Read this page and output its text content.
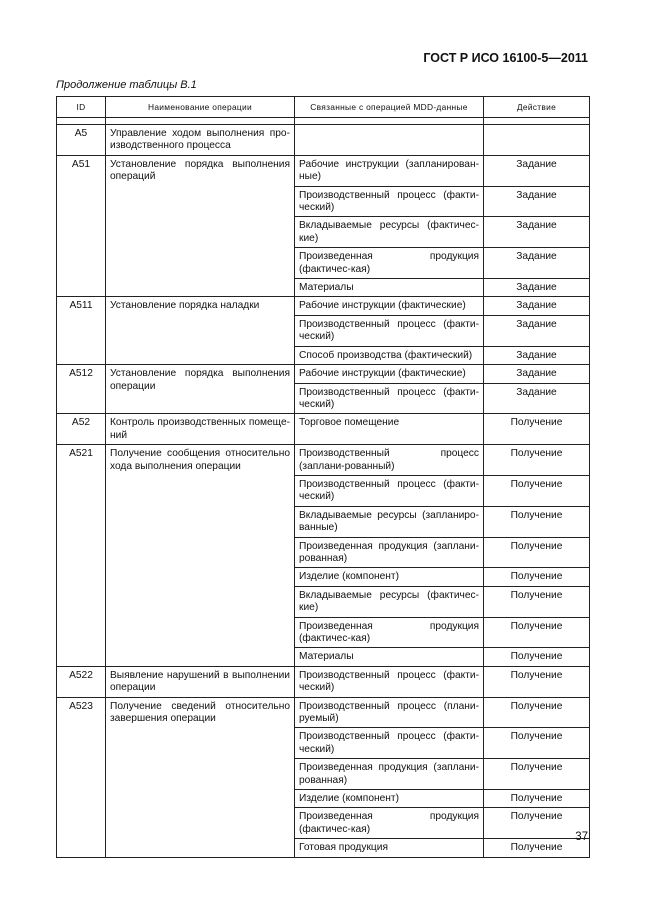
ГОСТ Р ИСО 16100-5—2011
Продолжение таблицы В.1
ID	Наименование операции	Связанные с операцией MDD-данные	Действие

A5	Управление ходом выполнения про-изводственного процесса		
A51	Установление порядка выполнения операций	Рабочие инструкции (запланирован-ные)	Задание
		Производственный процесс (факти-ческий)	Задание
		Вкладываемые ресурсы (фактичес-кие)	Задание
		Произведенная продукция (фактичес-кая)	Задание
		Материалы	Задание
A511	Установление порядка наладки	Рабочие инструкции (фактические)	Задание
		Производственный процесс (факти-ческий)	Задание
		Способ производства (фактический)	Задание
A512	Установление порядка выполнения операции	Рабочие инструкции (фактические)	Задание
		Производственный процесс (факти-ческий)	Задание
A52	Контроль производственных помеще-ний	Торговое помещение	Получение
A521	Получение сообщения относительно хода выполнения операции	Производственный процесс (заплани-рованный)	Получение
		Производственный процесс (факти-ческий)	Получение
		Вкладываемые ресурсы (запланиро-ванные)	Получение
		Произведенная продукция (заплани-рованная)	Получение
		Изделие (компонент)	Получение
		Вкладываемые ресурсы (фактичес-кие)	Получение
		Произведенная продукция (фактичес-кая)	Получение
		Материалы	Получение
A522	Выявление нарушений в выполнении операции	Производственный процесс (факти-ческий)	Получение
A523	Получение сведений относительно завершения операции	Производственный процесс (плани-руемый)	Получение
		Производственный процесс (факти-ческий)	Получение
		Произведенная продукция (заплани-рованная)	Получение
		Изделие (компонент)	Получение
		Произведенная продукция (фактичес-кая)	Получение
		Готовая продукция	Получение
37
